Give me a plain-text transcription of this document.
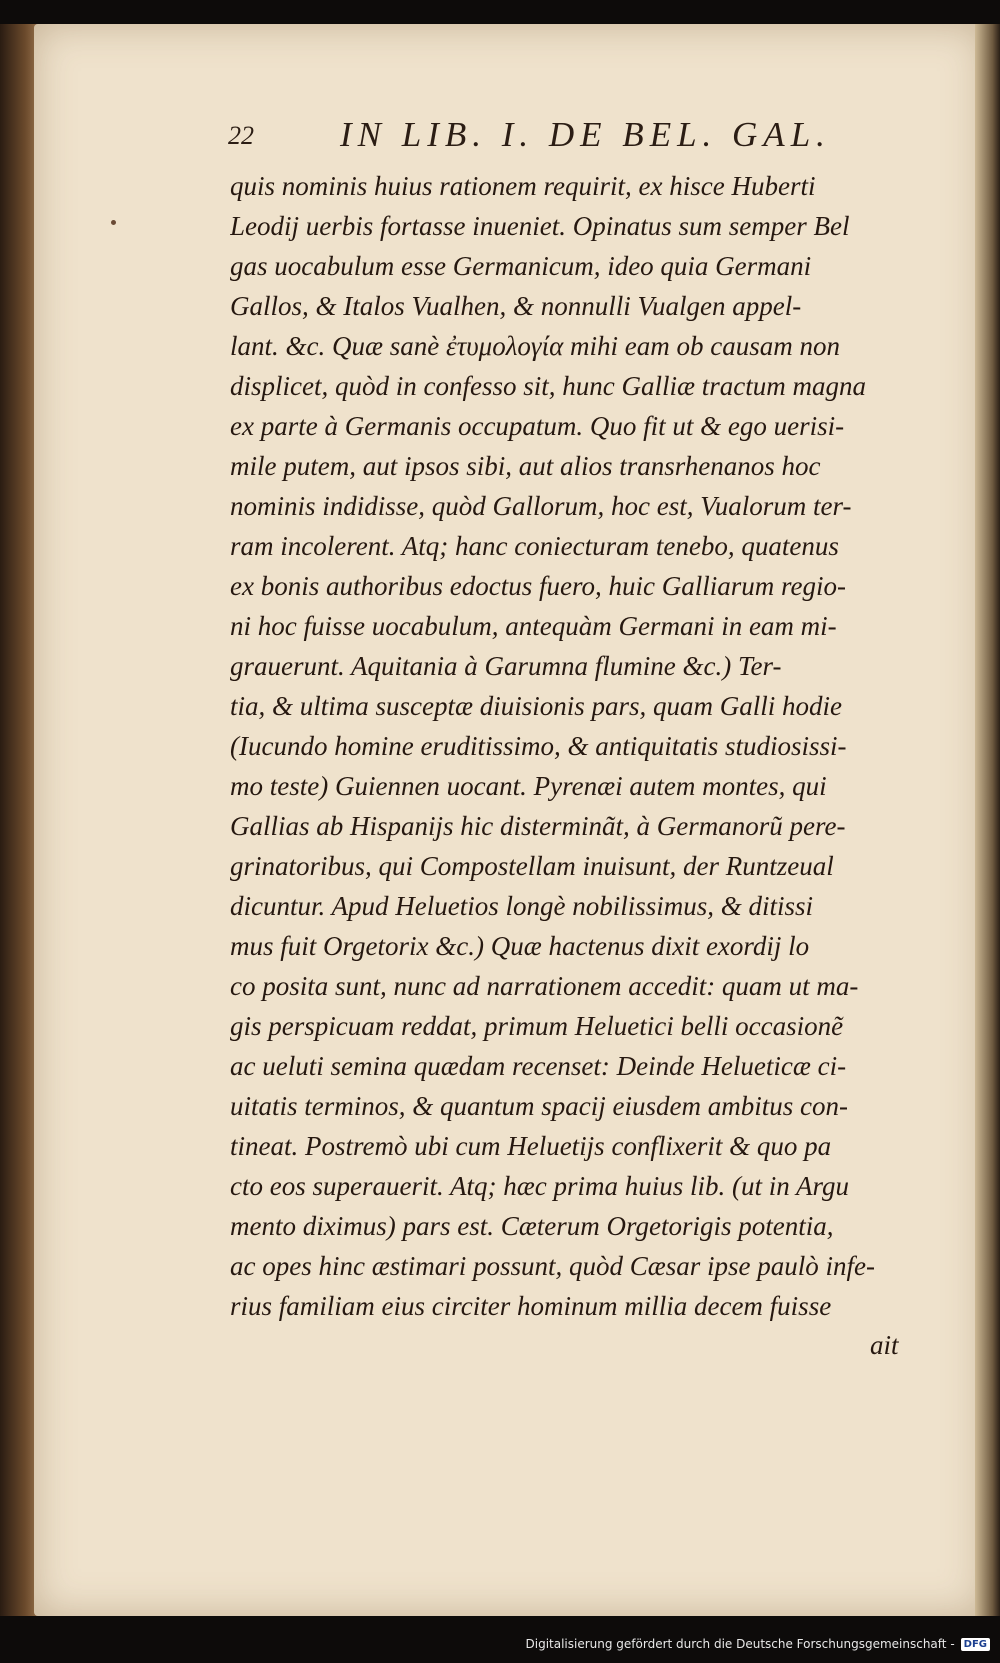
22 IN LIB. I. DE BEL. GAL.
quis nominis huius rationem requirit, ex hisce Huberti
Leodij uerbis fortasse inueniet. Opinatus sum semper Bel
gas uocabulum esse Germanicum, ideo quia Germani
Gallos, & Italos Vualhen, & nonnulli Vualgen appel-
lant. &c. Quæ sanè ἐτυμολογία mihi eam ob causam non
displicet, quòd in confesso sit, hunc Galliæ tractum magna
ex parte à Germanis occupatum. Quo fit ut & ego uerisi-
mile putem, aut ipsos sibi, aut alios transrhenanos hoc
nominis indidisse, quòd Gallorum, hoc est, Vualorum ter-
ram incolerent. Atq; hanc coniecturam tenebo, quatenus
ex bonis authoribus edoctus fuero, huic Galliarum regio-
ni hoc fuisse uocabulum, antequàm Germani in eam mi-
grauerunt. Aquitania à Garumna flumine &c.) Ter-
tia, & ultima susceptæ diuisionis pars, quam Galli hodie
(Iucundo homine eruditissimo, & antiquitatis studiosissi-
mo teste) Guiennen uocant. Pyrenæi autem montes, qui
Gallias ab Hispanijs hic disterminãt, à Germanorũ pere-
grinatoribus, qui Compostellam inuisunt, der Runtzeual
dicuntur. Apud Heluetios longè nobilissimus, & ditissi
mus fuit Orgetorix &c.) Quæ hactenus dixit exordij lo
co posita sunt, nunc ad narrationem accedit: quam ut ma-
gis perspicuam reddat, primum Heluetici belli occasionẽ
ac ueluti semina quædam recenset: Deinde Helueticæ ci-
uitatis terminos, & quantum spacij eiusdem ambitus con-
tineat. Postremò ubi cum Heluetijs conflixerit & quo pa
cto eos superauerit. Atq; hæc prima huius lib. (ut in Argu
mento diximus) pars est. Cæterum Orgetorigis potentia,
ac opes hinc æstimari possunt, quòd Cæsar ipse paulò infe-
rius familiam eius circiter hominum millia decem fuisse
ait
Digitalisierung gefördert durch die Deutsche Forschungsgemeinschaft - DFG
